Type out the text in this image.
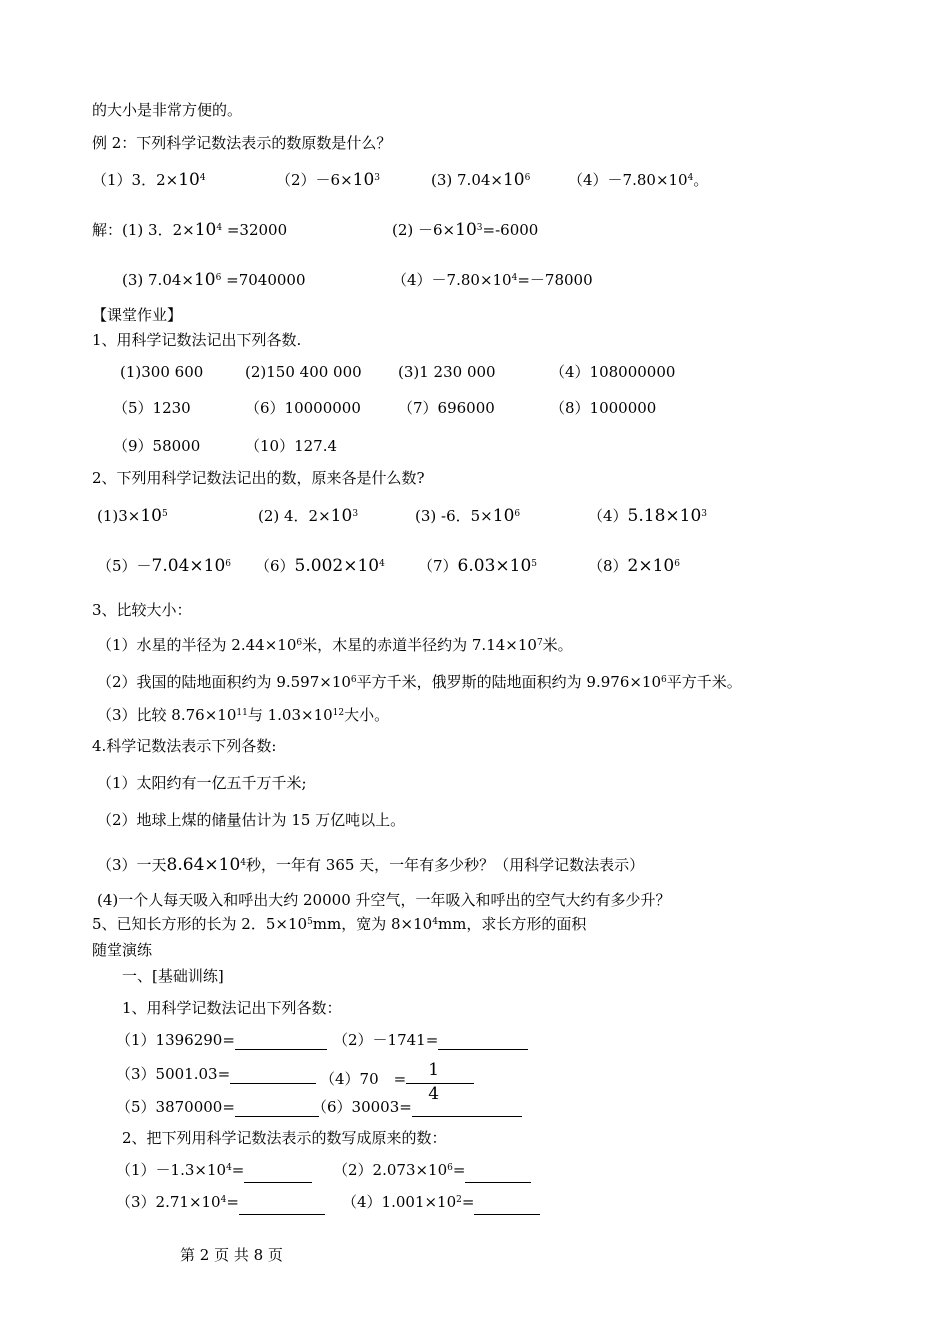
的大小是非常方便的。
例 2：下列科学记数法表示的数原数是什么？
（1）3．$2\times 10^4$	$(2)-6\times 10^3$	(3) $7.04\times 10^6$	$(4)-7.80\times 10^4$。
解：(1) 3．$2\times 10^4 =32000$	$(2) -6\times 10^3=-6000$
(3) $7.04\times 10^6 =7040000$	$(4)-7.80\times 10^4=-78000$
【课堂作业】
1、用科学记数法记出下列各数.
(1)300 600	(2)150 400 000 (3)1 230 000	（4）108000000
（5）1230	（6）10000000 （7）696000	（8）1000000
（9）58000	（10）127.4
2、下列用科学记数法记出的数，原来各是什么数?
$(1)3\times 10^5$	(2) 4．$2\times 10^3$	(3) -6．$5\times 10^6$	$(4)5.18\times 10^3$
$(5)-7.04\times 10^6$ $(6)5.002\times 10^4$ $(7)6.03\times 10^5$	$(8)2\times 10^6$
3、比较大小：
（1）水星的半径为 $2.44\times 10^6$米，木星的赤道半径约为 $7.14\times 10^7$米。
（2）我国的陆地面积约为 $9.597\times 10^6$平方千米，俄罗斯的陆地面积约为 $9.976\times 10^6$平方千米。
（3）比较 $8.76\times 10^{11}$与 $1.03\times 10^{12}$大小。
4.科学记数法表示下列各数:
（1）太阳约有一亿五千万千米;
（2）地球上煤的储量估计为 15 万亿吨以上。
（3）一天$8.64\times 10^4$秒，一年有 365 天，一年有多少秒？（用科学记数法表示）
(4)一个人每天吸入和呼出大约 20000 升空气，一年吸入和呼出的空气大约有多少升？
5、已知长方形的长为 2．$5\times 10^5mm$，宽为 $8\times 10^4mm$，求长方形的面积
随堂演练
一、[基础训练]
1、用科学记数法记出下列各数：
（1）1396290=	（2）－1741=
（3）5001.03=	（4）70　= $\frac{1}{4}$
（5）3870000=	（6）30003=
2、把下列用科学记数法表示的数写成原来的数：
$(1)-1.3\times 10^4=$	$(2)2.073\times 10^6=$
$(3)2.71\times 10^4=$	$(4)1.001\times 10^2=$
第 2 页 共 8 页
